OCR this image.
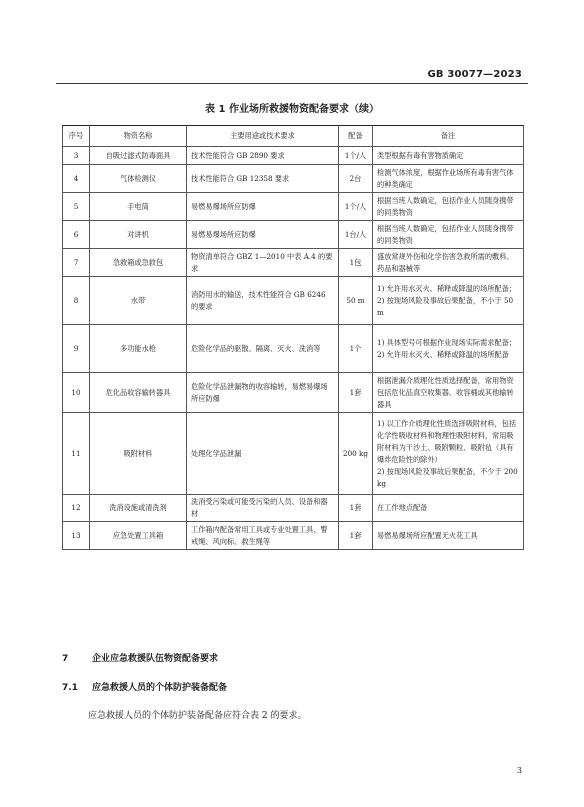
GB 30077—2023
表 1 作业场所救援物资配备要求（续）
序号	物资名称	主要用途或技术要求	配备	备注
3	自吸过滤式防毒面具	技术性能符合 GB 2890 要求	1个/人	类型根据有毒有害物质确定
4	气体检测仪	技术性能符合 GB 12358 要求	2台	检测气体浓度，根据作业场所有毒有害气体的种类确定
5	手电筒	易燃易爆场所应防爆	1个/人	根据当班人数确定，包括作业人员随身携带的同类物资
6	对讲机	易燃易爆场所应防爆	1台/人	根据当班人数确定，包括作业人员随身携带的同类物资
7	急救箱或急救包	物资清单符合 GBZ 1—2010 中表 A.4 的要求	1包	盛放常规外伤和化学伤害急救所需的敷料、药品和器械等
8	水带	消防用水的输送，技术性能符合 GB 6246 的要求	50 m	1) 允许用水灭火、稀释或降温的场所配备；
2) 按现场风险及事故后果配备，不小于 50 m
9	多功能水枪	危险化学品的驱散、隔离、灭火、洗消等	1个	1) 具体型号可根据作业现场实际需求配备；
2) 允许用水灭火、稀释或降温的场所配备
10	危化品收容输转器具	危险化学品泄漏物的收容输转，易燃易爆场所应防爆	1套	根据泄漏介质理化性质选择配备，常用物资包括危化品真空收集器、收容桶或其他输转器具
11	吸附材料	处理化学品泄漏	200 kg	1) 以工作介质理化性质选择吸附材料，包括化学性吸收材料和物理性吸附材料，常用吸附材料为干沙土、吸附颗粒、吸附毡（具有爆炸危险性的除外）
2) 按现场风险及事故后果配备，不少于 200 kg
12	洗消设施或清洗剂	洗消受污染或可能受污染的人员、设备和器材	1套	在工作地点配备
13	应急处置工具箱	工作箱内配备常用工具或专业处置工具、警戒绳、风向标、救生绳等	1套	易燃易爆场所应配置无火花工具
7	企业应急救援队伍物资配备要求
7.1 应急救援人员的个体防护装备配备
应急救援人员的个体防护装备配备应符合表 2 的要求。
3
